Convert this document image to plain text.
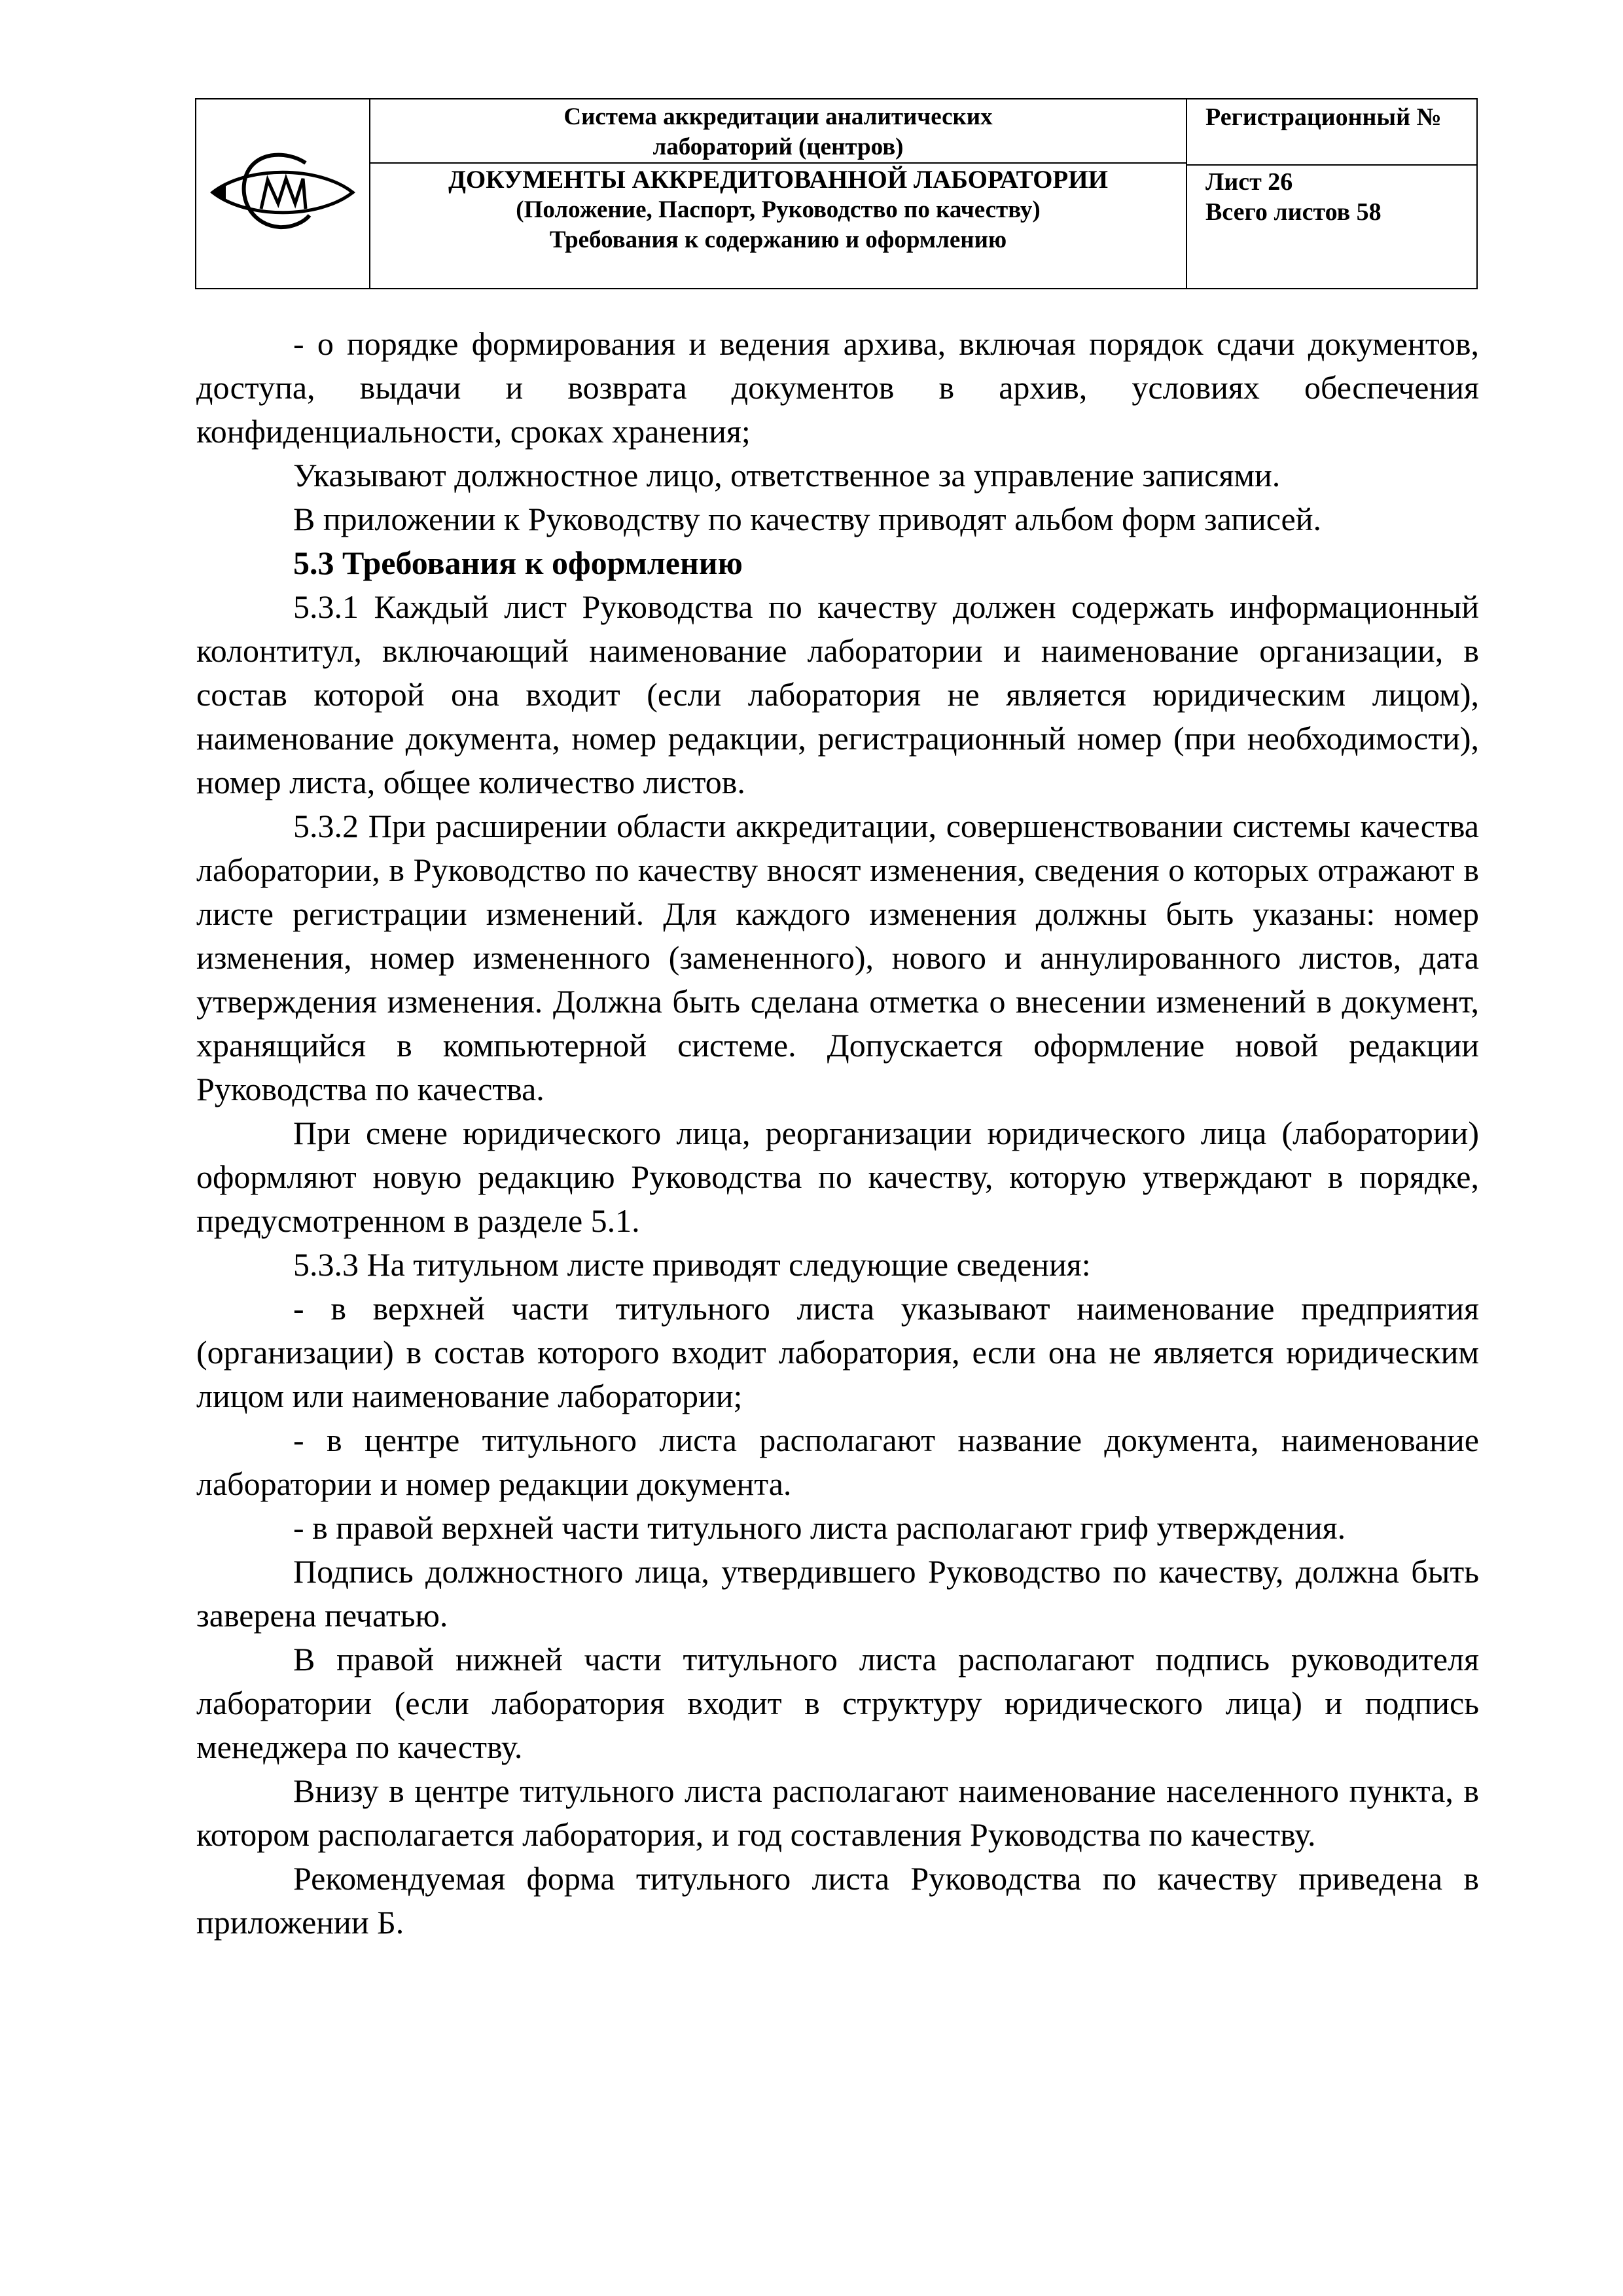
Система аккредитации аналитических
лабораторий (центров)
ДОКУМЕНТЫ АККРЕДИТОВАННОЙ ЛАБОРАТОРИИ
(Положение, Паспорт, Руководство по качеству)
Требования к содержанию и оформлению

Регистрационный №
Лист 26
Всего листов 58

- о порядке формирования и ведения архива, включая порядок сдачи документов, доступа, выдачи и возврата документов в архив, условиях обеспечения конфиденциальности, сроках хранения;

Указывают должностное лицо, ответственное за управление записями.

В приложении к Руководству по качеству приводят альбом форм записей.

5.3 Требования к оформлению

5.3.1 Каждый лист Руководства по качеству должен содержать информационный колонтитул, включающий наименование лаборатории и наименование организации, в состав которой она входит (если лаборатория не является юридическим лицом), наименование документа, номер редакции, регистрационный номер (при необходимости), номер листа, общее количество листов.

5.3.2 При расширении области аккредитации, совершенствовании системы качества лаборатории, в Руководство по качеству вносят изменения, сведения о которых отражают в листе регистрации изменений. Для каждого изменения должны быть указаны: номер изменения, номер измененного (замененного), нового и аннулированного листов, дата утверждения изменения. Должна быть сделана отметка о внесении изменений в документ, хранящийся в компьютерной системе. Допускается оформление новой редакции Руководства по качества.

При смене юридического лица, реорганизации юридического лица (лаборатории) оформляют новую редакцию Руководства по качеству, которую утверждают в порядке, предусмотренном в разделе 5.1.

5.3.3 На титульном листе приводят следующие сведения:

- в верхней части титульного листа указывают наименование предприятия (организации) в состав которого входит лаборатория, если она не является юридическим лицом или наименование лаборатории;

- в центре титульного листа располагают название документа, наименование лаборатории и номер редакции документа.

- в правой верхней части титульного листа располагают гриф утверждения.

Подпись должностного лица, утвердившего Руководство по качеству, должна быть заверена печатью.

В правой нижней части титульного листа располагают подпись руководителя лаборатории (если лаборатория входит в структуру юридического лица) и подпись менеджера по качеству.

Внизу в центре титульного листа располагают наименование населенного пункта, в котором располагается лаборатория, и год составления Руководства по качеству.

Рекомендуемая форма титульного листа Руководства по качеству приведена в приложении Б.
